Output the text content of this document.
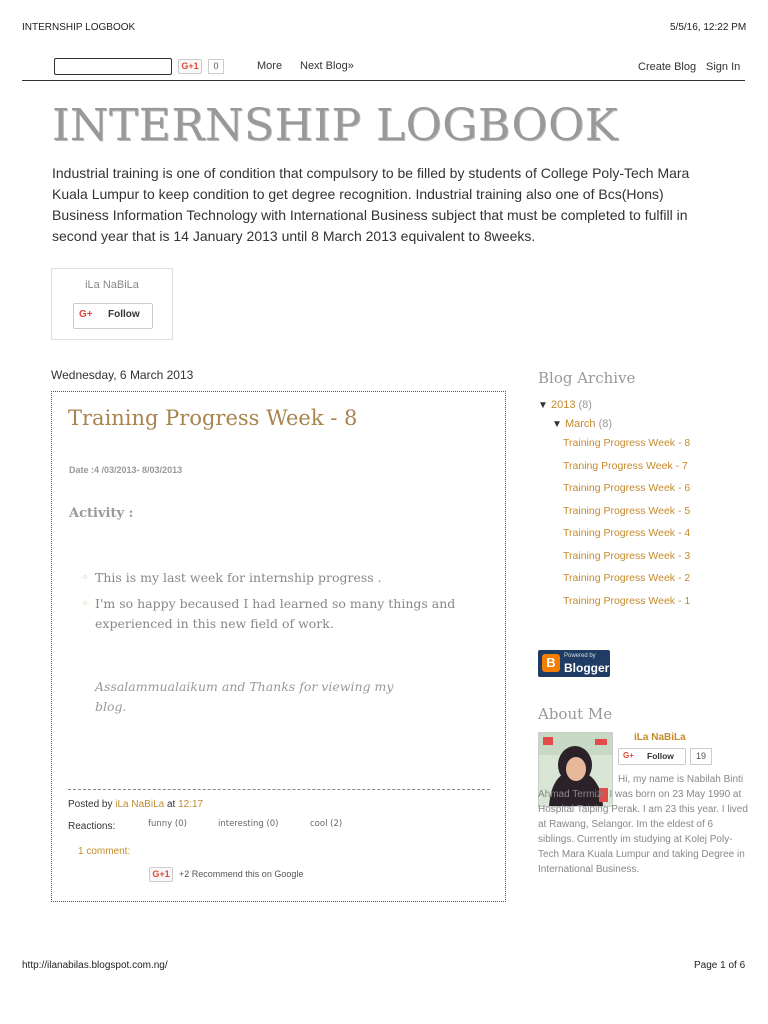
INTERNSHIP LOGBOOK	5/5/16, 12:22 PM
G+1	0	More Next Blog»	Create Blog Sign In
INTERNSHIP LOGBOOK
Industrial training is one of condition that compulsory to be filled by students of College Poly-Tech Mara Kuala Lumpur to keep condition to get degree recognition. Industrial training also one of Bcs(Hons) Business Information Technology with International Business subject that must be completed to fulfill in second year that is 14 January 2013 until 8 March 2013 equivalent to 8weeks.
iLa NaBiLa
G+ Follow
Wednesday, 6 March 2013
Training Progress Week - 8
Date :4 /03/2013- 8/03/2013
Activity :
◦ This is my last week for internship progress .
◦ I'm so happy becaused I had learned so many things and experienced in this new field of work.
Assalammualaikum and Thanks for viewing my blog.
Posted by iLa NaBiLa at 12:17
Reactions:	funny (0)	interesting (0)	cool (2)
1 comment:
G+1	+2 Recommend this on Google
Blog Archive
▼ 2013 (8)
▼ March (8)
Training Progress Week - 8
Traning Progress Week - 7
Training Progress Week - 6
Training Progress Week - 5
Training Progress Week - 4
Training Progress Week - 3
Training Progress Week - 2
Training Progress Week - 1
B	Powered by
Blogger
About Me
iLa NaBiLa
G+ Follow	19
Hi, my name is Nabilah Binti Ahmad Termizi. I was born on 23 May 1990 at Hospital Taiping Perak. I am 23 this year. I lived at Rawang, Selangor. Im the eldest of 6 siblings. Currently im studying at Kolej Poly-Tech Mara Kuala Lumpur and taking Degree in International Business.
http://ilanabilas.blogspot.com.ng/	Page 1 of 6
